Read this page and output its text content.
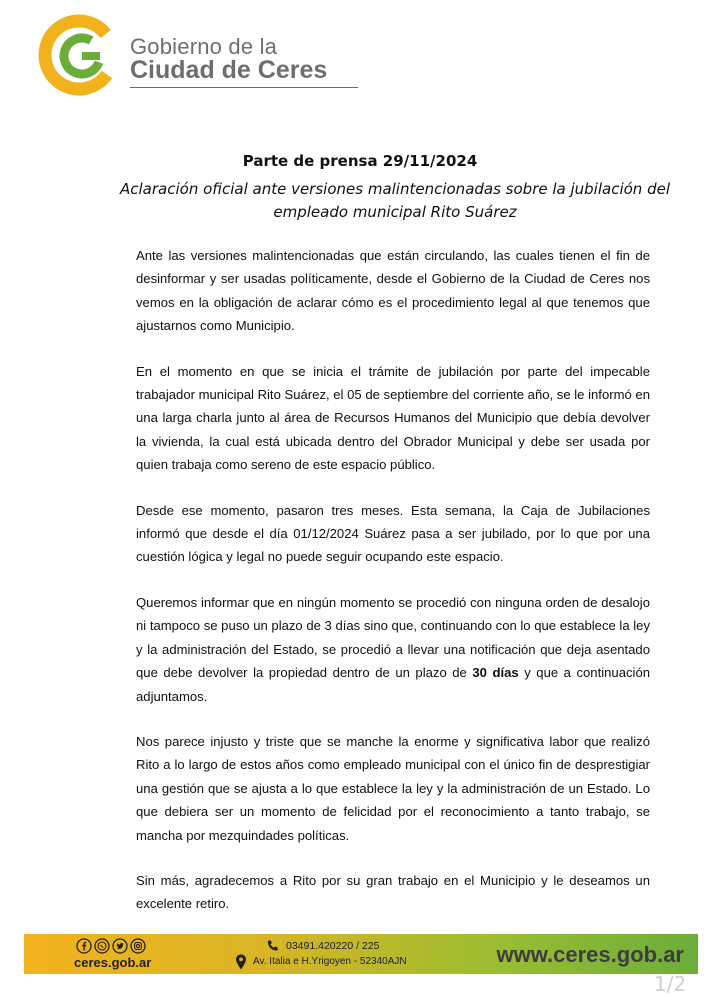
Gobierno de la
Ciudad de Ceres
Parte de prensa 29/11/2024
Aclaración oficial ante versiones malintencionadas sobre la jubilación del empleado municipal Rito Suárez

Ante las versiones malintencionadas que están circulando, las cuales tienen el fin de desinformar y ser usadas políticamente, desde el Gobierno de la Ciudad de Ceres nos vemos en la obligación de aclarar cómo es el procedimiento legal al que tenemos que ajustarnos como Municipio.

En el momento en que se inicia el trámite de jubilación por parte del impecable trabajador municipal Rito Suárez, el 05 de septiembre del corriente año, se le informó en una larga charla junto al área de Recursos Humanos del Municipio que debía devolver la vivienda, la cual está ubicada dentro del Obrador Municipal y debe ser usada por quien trabaja como sereno de este espacio público.

Desde ese momento, pasaron tres meses. Esta semana, la Caja de Jubilaciones informó que desde el día 01/12/2024 Suárez pasa a ser jubilado, por lo que por una cuestión lógica y legal no puede seguir ocupando este espacio.

Queremos informar que en ningún momento se procedió con ninguna orden de desalojo ni tampoco se puso un plazo de 3 días sino que, continuando con lo que establece la ley y la administración del Estado, se procedió a llevar una notificación que deja asentado que debe devolver la propiedad dentro de un plazo de 30 días y que a continuación adjuntamos.

Nos parece injusto y triste que se manche la enorme y significativa labor que realizó Rito a lo largo de estos años como empleado municipal con el único fin de desprestigiar una gestión que se ajusta a lo que establece la ley y la administración de un Estado. Lo que debiera ser un momento de felicidad por el reconocimiento a tanto trabajo, se mancha por mezquindades políticas.

Sin más, agradecemos a Rito por su gran trabajo en el Municipio y le deseamos un excelente retiro.

ceres.gob.ar
03491.420220 / 225
Av. Italia e H.Yrigoyen - 52340AJN	www.ceres.gob.ar
1/2
